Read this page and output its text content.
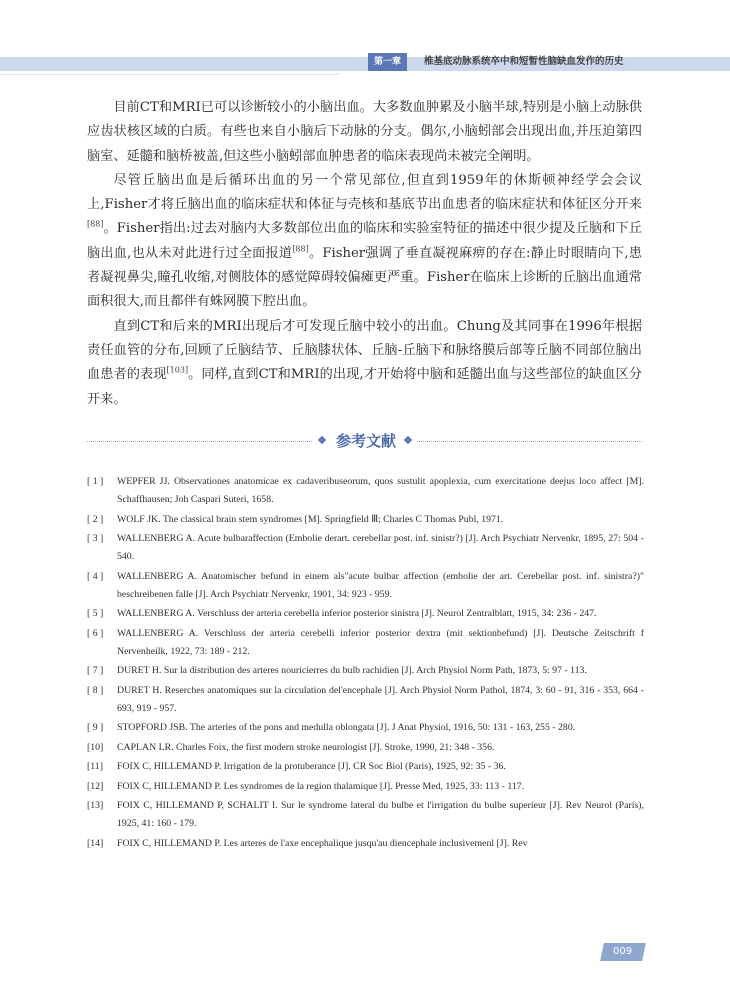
第一章	椎基底动脉系统卒中和短暂性脑缺血发作的历史

目前CT和MRI已可以诊断较小的小脑出血。大多数血肿累及小脑半球,特别是小脑上动脉供应齿状核区域的白质。有些也来自小脑后下动脉的分支。偶尔,小脑蚓部会出现出血,并压迫第四脑室、延髓和脑桥被盖,但这些小脑蚓部血肿患者的临床表现尚未被完全阐明。

尽管丘脑出血是后循环出血的另一个常见部位,但直到1959年的休斯顿神经学会会议上,Fisher才将丘脑出血的临床症状和体征与壳核和基底节出血患者的临床症状和体征区分开来[88]。Fisher指出:过去对脑内大多数部位出血的临床和实验室特征的描述中很少提及丘脑和下丘脑出血,也从未对此进行过全面报道[88]。Fisher强调了垂直凝视麻痹的存在:静止时眼睛向下,患者凝视鼻尖,瞳孔收缩,对侧肢体的感觉障碍较偏瘫更严重。Fisher在临床上诊断的丘脑出血通常面积很大,而且都伴有蛛网膜下腔出血。

直到CT和后来的MRI出现后才可发现丘脑中较小的出血。Chung及其同事在1996年根据责任血管的分布,回顾了丘脑结节、丘脑膝状体、丘脑-丘脑下和脉络膜后部等丘脑不同部位脑出血患者的表现[103]。同样,直到CT和MRI的出现,才开始将中脑和延髓出血与这些部位的缺血区分开来。

参考文献
[ 1 ] WEPFER JJ. Observationes anatomicae ex cadaveribuseorum, quos sustulit apoplexia, cum exercitatione deejus loco affect [M]. Schaffhausen; Joh Caspari Suteri, 1658.
[ 2 ] WOLF JK. The classical brain stem syndromes [M]. Springfield Ⅲ; Charles C Thomas Publ, 1971.
[ 3 ] WALLENBERG A. Acute bulbaraffection (Embolie derart. cerebellar post. inf. sinistr?) [J]. Arch Psychiatr Nervenkr, 1895, 27: 504 - 540.
[ 4 ] WALLENBERG A. Anatomischer befund in einem als"acute bulbar affection (embolie der art. Cerebellar post. inf. sinistra?)" beschreibenen falle [J]. Arch Psychiatr Nervenkr, 1901, 34: 923 - 959.
[ 5 ] WALLENBERG A. Verschluss der arteria cerebella inferior posterior sinistra [J]. Neurol Zentralblatt, 1915, 34: 236 - 247.
[ 6 ] WALLENBERG A. Verschluss der arteria cerebelli inferior posterior dextra (mit sektionbefund) [J]. Deutsche Zeitschrift f Nervenheilk, 1922, 73: 189 - 212.
[ 7 ] DURET H. Sur la distribution des arteres nouricierres du bulb rachidien [J]. Arch Physiol Norm Path, 1873, 5: 97 - 113.
[ 8 ] DURET H. Reserches anatomiques sur la circulation del'encephale [J]. Arch Physiol Norm Pathol, 1874, 3: 60 - 91, 316 - 353, 664 - 693, 919 - 957.
[ 9 ] STOPFORD JSB. The arteries of the pons and medulla oblongata [J]. J Anat Physiol, 1916, 50: 131 - 163, 255 - 280.
[10] CAPLAN LR. Charles Foix, the first modern stroke neurologist [J]. Stroke, 1990, 21: 348 - 356.
[11] FOIX C, HILLEMAND P. Irrigation de la protuberance [J]. CR Soc Biol (Paris), 1925, 92: 35 - 36.
[12] FOIX C, HILLEMAND P. Les syndromes de la region thalamique [J]. Presse Med, 1925, 33: 113 - 117.
[13] FOIX C, HILLEMAND P, SCHALIT I. Sur le syndrome lateral du bulbe et l'irrigation du bulbe superieur [J]. Rev Neurol (Paris), 1925, 41: 160 - 179.
[14] FOIX C, HILLEMAND P. Les arteres de l'axe encephalique jusqu'au diencephale inclusivemenl [J]. Rev
009
